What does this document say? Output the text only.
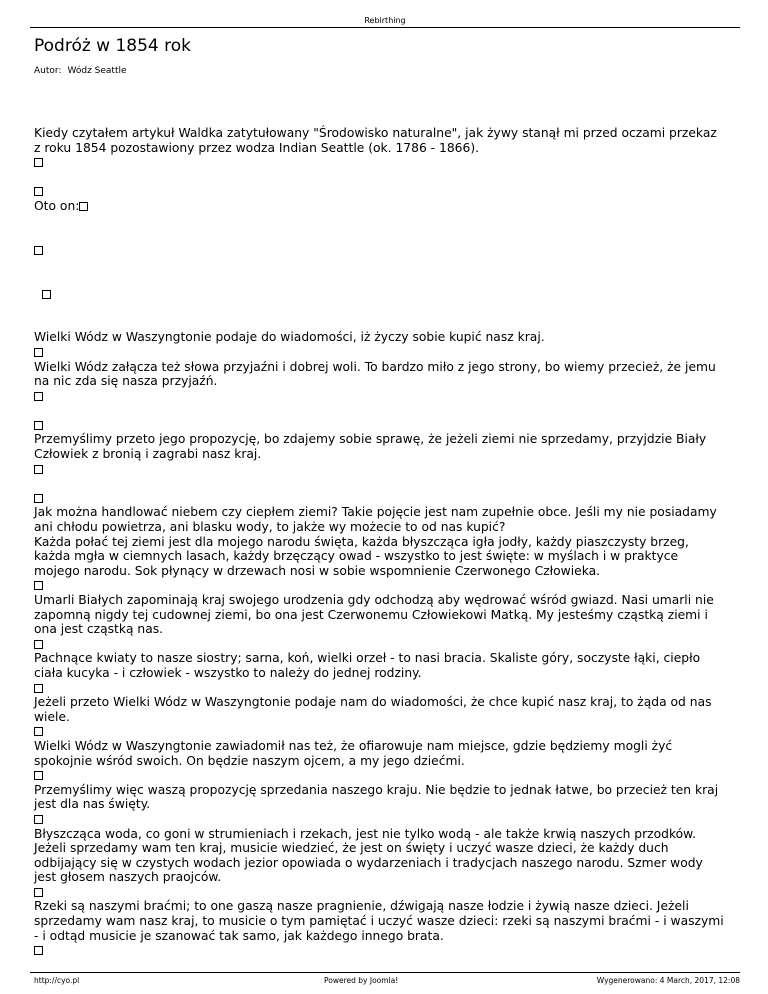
Rebirthing
Podróż w 1854 rok
Autor: Wódz Seattle

Kiedy czytałem artykuł Waldka zatytułowany "Środowisko naturalne", jak żywy stanął mi przed oczami przekaz z roku 1854 pozostawiony przez wodza Indian Seattle (ok. 1786 - 1866).

Oto on:

Wielki Wódz w Waszyngtonie podaje do wiadomości, iż życzy sobie kupić nasz kraj.

Wielki Wódz załącza też słowa przyjaźni i dobrej woli. To bardzo miło z jego strony, bo wiemy przecież, że jemu na nic zda się nasza przyjaźń.

Przemyślimy przeto jego propozycję, bo zdajemy sobie sprawę, że jeżeli ziemi nie sprzedamy, przyjdzie Biały Człowiek z bronią i zagrabi nasz kraj.

Jak można handlować niebem czy ciepłem ziemi? Takie pojęcie jest nam zupełnie obce. Jeśli my nie posiadamy ani chłodu powietrza, ani blasku wody, to jakże wy możecie to od nas kupić?

Każda połać tej ziemi jest dla mojego narodu święta, każda błyszcząca igła jodły, każdy piaszczysty brzeg, każda mgła w ciemnych lasach, każdy brzęczący owad - wszystko to jest święte: w myślach i w praktyce mojego narodu. Sok płynący w drzewach nosi w sobie wspomnienie Czerwonego Człowieka.

Umarli Białych zapominają kraj swojego urodzenia gdy odchodzą aby wędrować wśród gwiazd. Nasi umarli nie zapomną nigdy tej cudownej ziemi, bo ona jest Czerwonemu Człowiekowi Matką. My jesteśmy cząstką ziemi i ona jest cząstką nas.

Pachnące kwiaty to nasze siostry; sarna, koń, wielki orzeł - to nasi bracia. Skaliste góry, soczyste łąki, ciepło ciała kucyka - i człowiek - wszystko to należy do jednej rodziny.

Jeżeli przeto Wielki Wódz w Waszyngtonie podaje nam do wiadomości, że chce kupić nasz kraj, to żąda od nas wiele.

Wielki Wódz w Waszyngtonie zawiadomił nas też, że ofiarowuje nam miejsce, gdzie będziemy mogli żyć spokojnie wśród swoich. On będzie naszym ojcem, a my jego dziećmi.

Przemyślimy więc waszą propozycję sprzedania naszego kraju. Nie będzie to jednak łatwe, bo przecież ten kraj jest dla nas święty.

Błyszcząca woda, co goni w strumieniach i rzekach, jest nie tylko wodą - ale także krwią naszych przodków. Jeżeli sprzedamy wam ten kraj, musicie wiedzieć, że jest on święty i uczyć wasze dzieci, że każdy duch odbijający się w czystych wodach jezior opowiada o wydarzeniach i tradycjach naszego narodu. Szmer wody jest głosem naszych praojców.

Rzeki są naszymi braćmi; to one gaszą nasze pragnienie, dźwigają nasze łodzie i żywią nasze dzieci. Jeżeli sprzedamy wam nasz kraj, to musicie o tym pamiętać i uczyć wasze dzieci: rzeki są naszymi braćmi - i waszymi - i odtąd musicie je szanować tak samo, jak każdego innego brata.

http://cyo.pl	Powered by Joomla!	Wygenerowano: 4 March, 2017, 12:08
